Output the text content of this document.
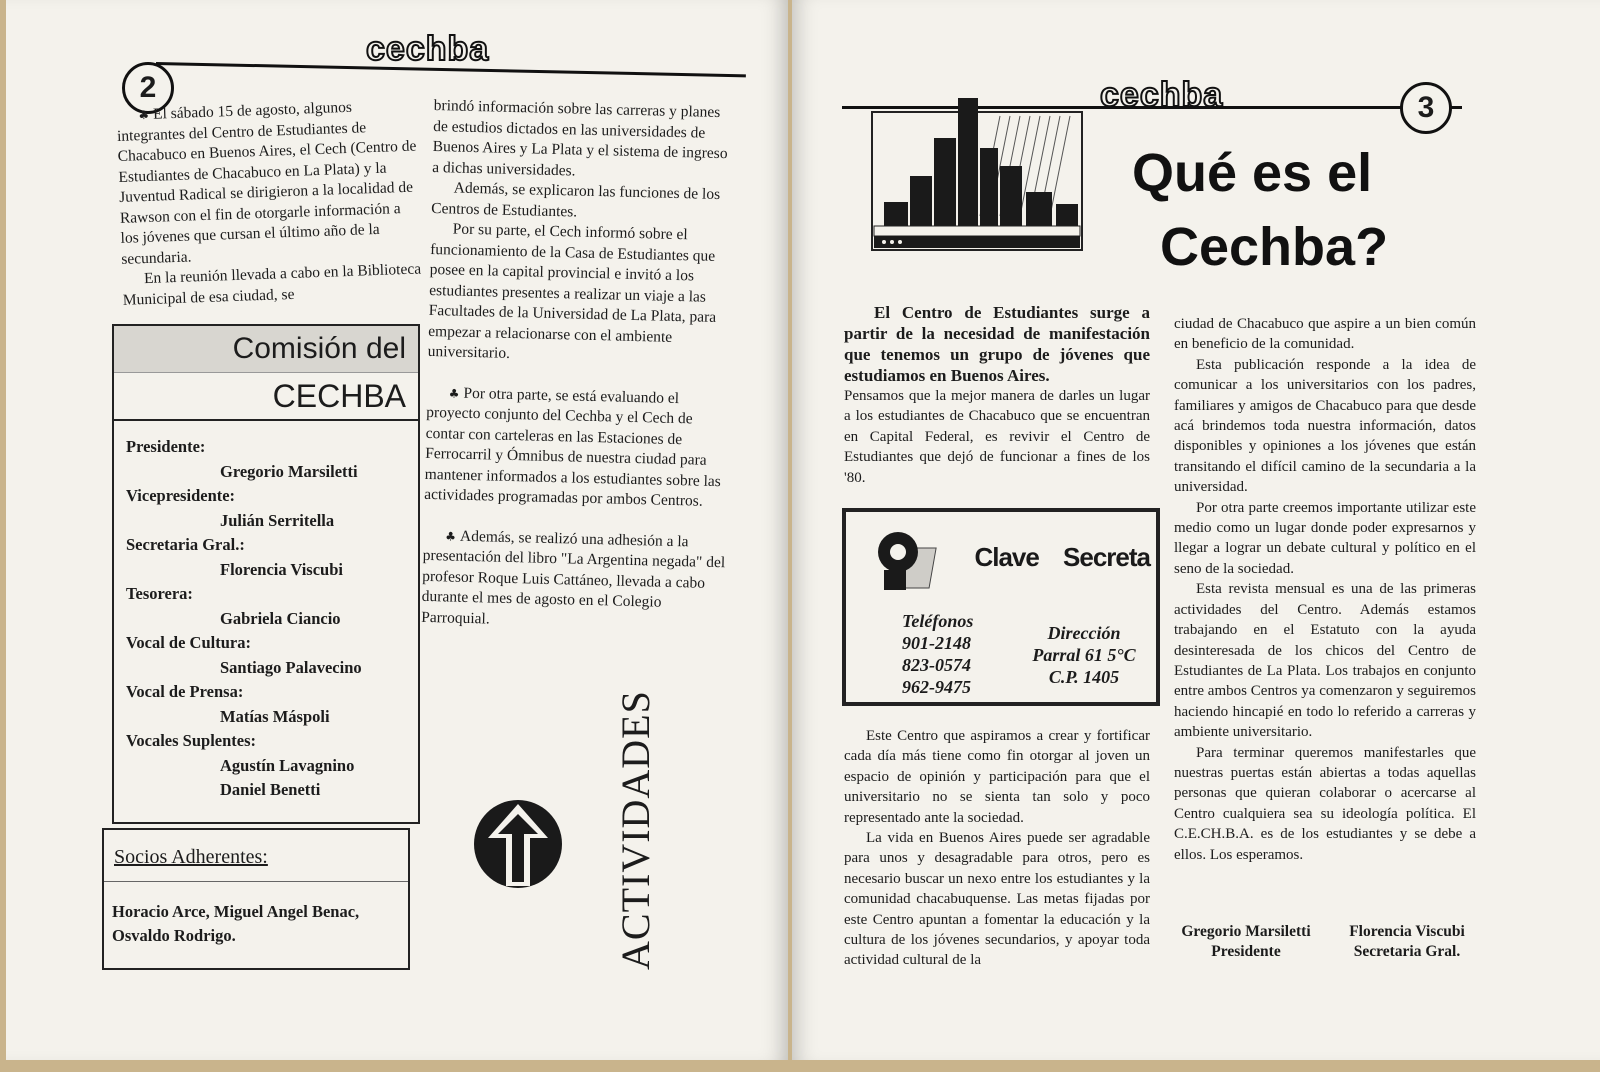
2
cechba

♣ El sábado 15 de agosto, algunos integrantes del Centro de Estudiantes de Chacabuco en Buenos Aires, el Cech (Centro de Estudiantes de Chacabuco en La Plata) y la Juventud Radical se dirigieron a la localidad de Rawson con el fin de otorgarle información a los jóvenes que cursan el último año de la secundaria.

En la reunión llevada a cabo en la Biblioteca Municipal de esa ciudad, se

brindó información sobre las carreras y planes de estudios dictados en las universidades de Buenos Aires y La Plata y el sistema de ingreso a dichas universidades.

Además, se explicaron las funciones de los Centros de Estudiantes.

Por su parte, el Cech informó sobre el funcionamiento de la Casa de Estudiantes que posee en la capital provincial e invitó a los estudiantes presentes a realizar un viaje a las Facultades de la Universidad de La Plata, para empezar a relacionarse con el ambiente universitario.

♣ Por otra parte, se está evaluando el proyecto conjunto del Cechba y el Cech de contar con carteleras en las Estaciones de Ferrocarril y Ómnibus de nuestra ciudad para mantener informados a los estudiantes sobre las actividades programadas por ambos Centros.

♣ Además, se realizó una adhesión a la presentación del libro "La Argentina negada" del profesor Roque Luis Cattáneo, llevada a cabo durante el mes de agosto en el Colegio Parroquial.

Comisión del
CECHBA
Presidente:
Gregorio Marsiletti
Vicepresidente:
Julián Serritella
Secretaria Gral.:
Florencia Viscubi
Tesorera:
Gabriela Ciancio
Vocal de Cultura:
Santiago Palavecino
Vocal de Prensa:
Matías Máspoli
Vocales Suplentes:
Agustín Lavagnino
Daniel Benetti
Socios Adherentes:
Horacio Arce, Miguel Angel Benac, Osvaldo Rodrigo.	ACTIVIDADES
cechba	3
Qué es el
Cechba?
El Centro de Estudiantes surge a partir de la necesidad de manifestación que tenemos un grupo de jóvenes que estudiamos en Buenos Aires.
Pensamos que la mejor manera de darles un lugar a los estudiantes de Chacabuco que se encuentran en Capital Federal, es revivir el Centro de Estudiantes que dejó de funcionar a fines de los '80.
Clave Secreta
Teléfonos
901-2148
823-0574
962-9475
Dirección
Parral 61 5°C
C.P. 1405

Este Centro que aspiramos a crear y fortificar cada día más tiene como fin otorgar al joven un espacio de opinión y participación para que el universitario no se sienta tan solo y poco representado ante la sociedad.

La vida en Buenos Aires puede ser agradable para unos y desagradable para otros, pero es necesario buscar un nexo entre los estudiantes y la comunidad chacabuquense. Las metas fijadas por este Centro apuntan a fomentar la educación y la cultura de los jóvenes secundarios, y apoyar toda actividad cultural de la

ciudad de Chacabuco que aspire a un bien común en beneficio de la comunidad.

Esta publicación responde a la idea de comunicar a los universitarios con los padres, familiares y amigos de Chacabuco para que desde acá brindemos toda nuestra información, datos disponibles y opiniones a los jóvenes que están transitando el difícil camino de la secundaria a la universidad.

Por otra parte creemos importante utilizar este medio como un lugar donde poder expresarnos y llegar a lograr un debate cultural y político en el seno de la sociedad.

Esta revista mensual es una de las primeras actividades del Centro. Además estamos trabajando en el Estatuto con la ayuda desinteresada de los chicos del Centro de Estudiantes de La Plata. Los trabajos en conjunto entre ambos Centros ya comenzaron y seguiremos haciendo hincapié en todo lo referido a carreras y ambiente universitario.

Para terminar queremos manifestarles que nuestras puertas están abiertas a todas aquellas personas que quieran colaborar o acercarse al Centro cualquiera sea su ideología política. El C.E.CH.B.A. es de los estudiantes y se debe a ellos. Los esperamos.

Gregorio Marsiletti
Presidente
Florencia Viscubi
Secretaria Gral.
